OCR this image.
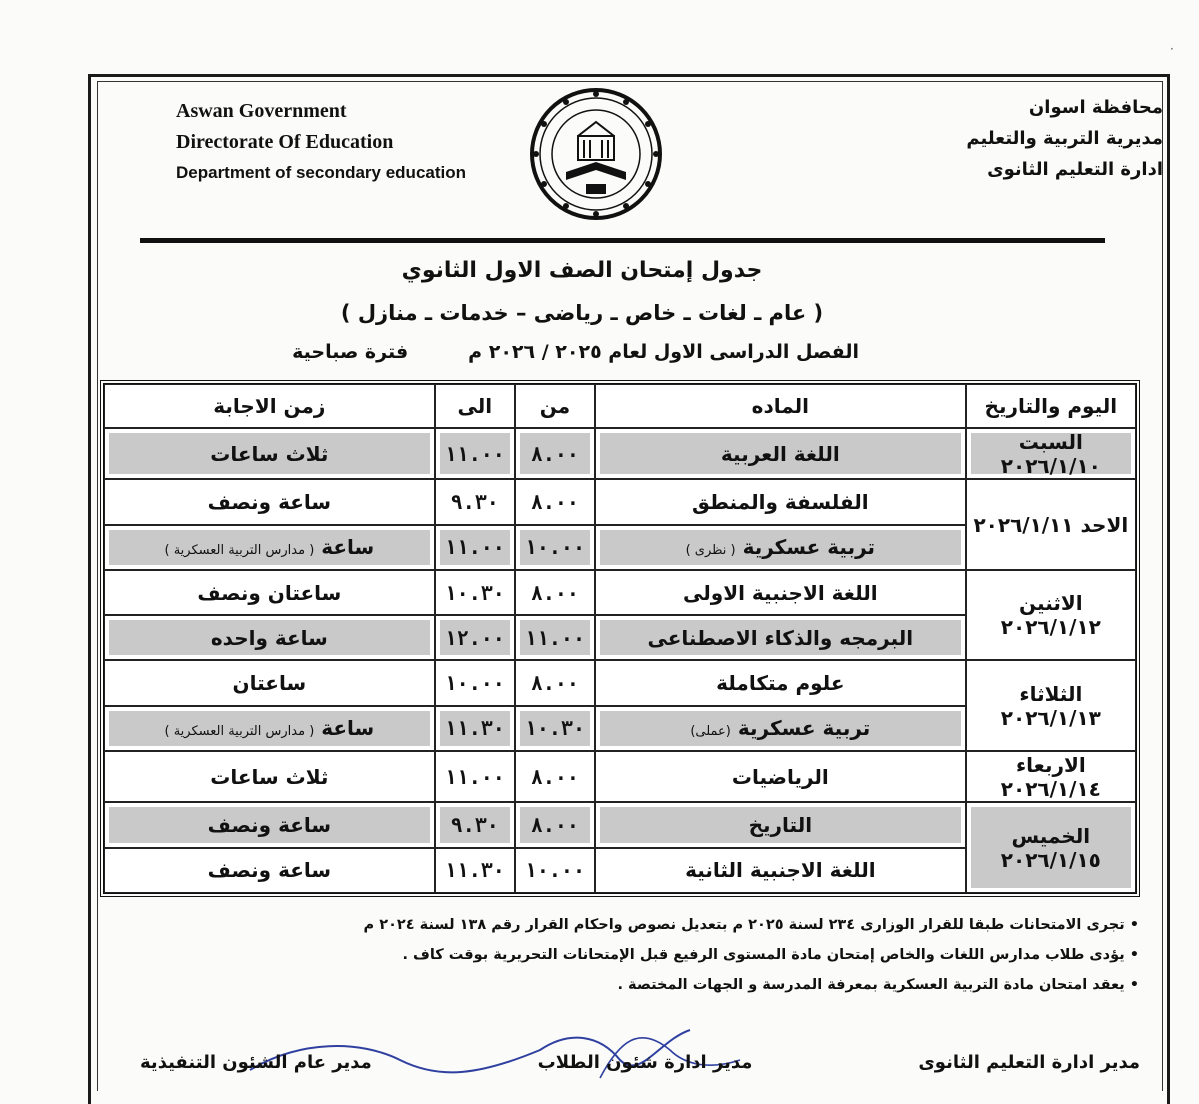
·
Aswan Government
Directorate Of Education
Department of secondary education
محافظة اسوان
مديرية التربية والتعليم
ادارة التعليم الثانوى
جدول إمتحان الصف الاول الثانوي
( عام ـ لغات ـ خاص ـ رياضى – خدمات ـ منازل )
الفصل الدراسى الاول لعام ٢٠٢٥ / ٢٠٢٦ مفترة صباحية
اليوم والتاريخ	الماده	من	الى	زمن الاجابة
السبت ٢٠٢٦/١/١٠	اللغة العربية	٨.٠٠	١١.٠٠	ثلاث ساعات
الاحد ٢٠٢٦/١/١١	الفلسفة والمنطق	٨.٠٠	٩.٣٠	ساعة ونصف
	تربية عسكرية ( نظرى )	١٠.٠٠	١١.٠٠	ساعة ( مدارس التربية العسكرية )
الاثنين ٢٠٢٦/١/١٢	اللغة الاجنبية الاولى	٨.٠٠	١٠.٣٠	ساعتان ونصف
	البرمجه والذكاء الاصطناعى	١١.٠٠	١٢.٠٠	ساعة واحده
الثلاثاء ٢٠٢٦/١/١٣	علوم متكاملة	٨.٠٠	١٠.٠٠	ساعتان
	تربية عسكرية (عملى)	١٠.٣٠	١١.٣٠	ساعة ( مدارس التربية العسكرية )
الاربعاء ٢٠٢٦/١/١٤	الرياضيات	٨.٠٠	١١.٠٠	ثلاث ساعات
الخميس ٢٠٢٦/١/١٥	التاريخ	٨.٠٠	٩.٣٠	ساعة ونصف
	اللغة الاجنبية الثانية	١٠.٠٠	١١.٣٠	ساعة ونصف
• تجرى الامتحانات طبقا للقرار الوزارى ٢٣٤ لسنة ٢٠٢٥ م بتعديل نصوص واحكام القرار رقم ١٣٨ لسنة ٢٠٢٤ م
• يؤدى طلاب مدارس اللغات والخاص إمتحان مادة المستوى الرفيع قبل الإمتحانات التحريرية بوقت كاف .
• يعقد امتحان مادة التربية العسكرية بمعرفة المدرسة و الجهات المختصة .
مدير ادارة التعليم الثانوى
مدير ادارة شئون الطلاب
مدير عام الشئون التنفيذية
